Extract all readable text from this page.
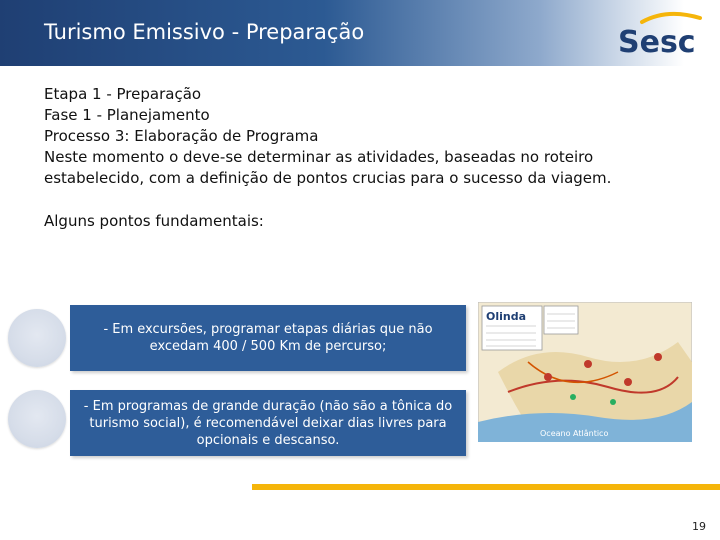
Turismo Emissivo - Preparação	Sesc
Etapa 1 - Preparação
Fase 1 - Planejamento
Processo 3: Elaboração de Programa
Neste momento o deve-se determinar as atividades, baseadas no roteiro estabelecido, com a definição de pontos crucias para o sucesso da viagem.
Alguns pontos fundamentais:
- Em excursões, programar etapas diárias que não excedam 400 / 500 Km de percurso;
- Em programas de grande duração (não são a tônica do turismo social), é recomendável deixar dias livres para opcionais e descanso.
Olinda
Oceano Atlântico
19
